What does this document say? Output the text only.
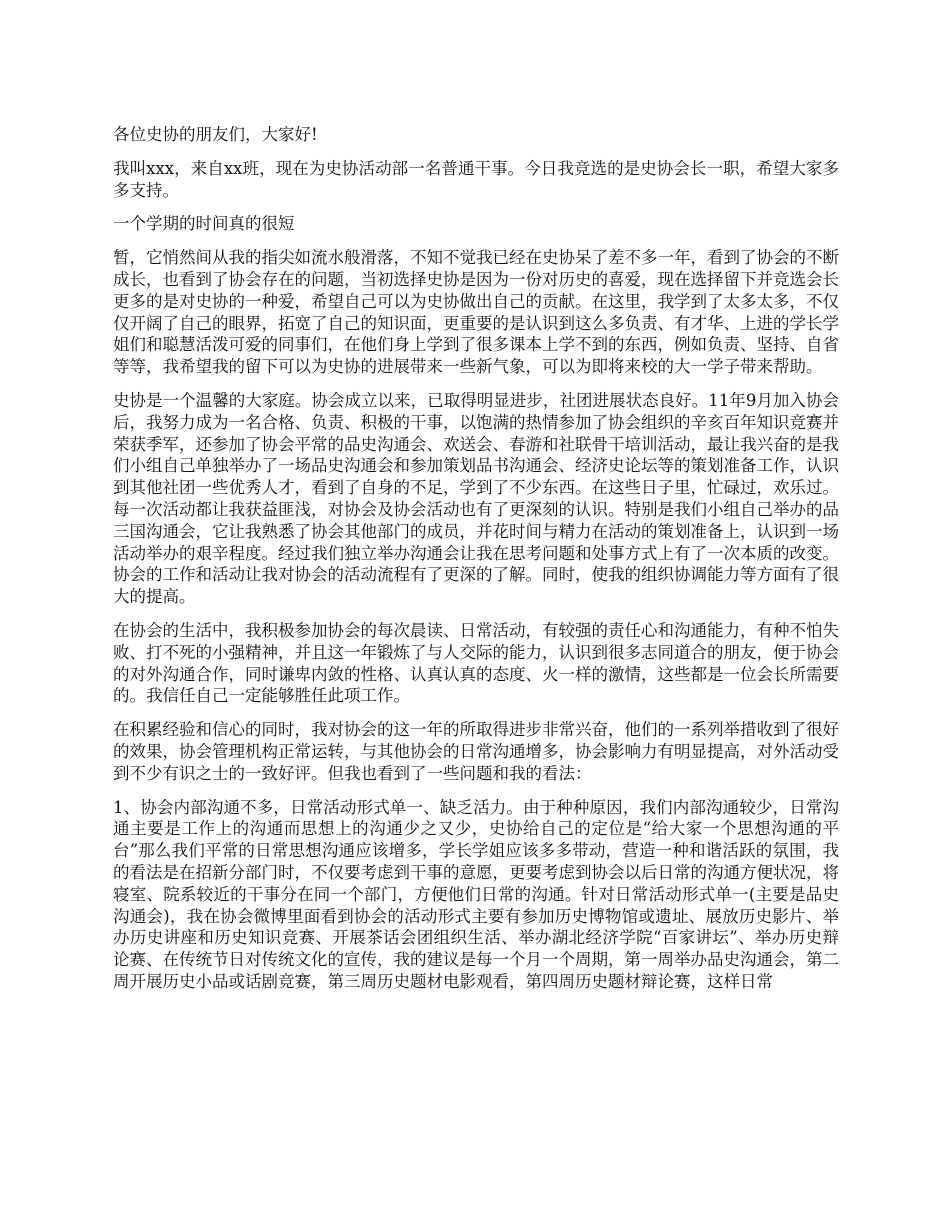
各位史协的朋友们，大家好!

我叫xxx，来自xx班，现在为史协活动部一名普通干事。今日我竞选的是史协会长一职，希望大家多多支持。

一个学期的时间真的很短

暂，它悄然间从我的指尖如流水般滑落，不知不觉我已经在史协呆了差不多一年，看到了协会的不断成长，也看到了协会存在的问题，当初选择史协是因为一份对历史的喜爱，现在选择留下并竞选会长更多的是对史协的一种爱，希望自己可以为史协做出自己的贡献。在这里，我学到了太多太多，不仅仅开阔了自己的眼界，拓宽了自己的知识面，更重要的是认识到这么多负责、有才华、上进的学长学姐们和聪慧活泼可爱的同事们，在他们身上学到了很多课本上学不到的东西，例如负责、坚持、自省等等，我希望我的留下可以为史协的进展带来一些新气象，可以为即将来校的大一学子带来帮助。

史协是一个温馨的大家庭。协会成立以来，已取得明显进步，社团进展状态良好。11年9月加入协会后，我努力成为一名合格、负责、积极的干事，以饱满的热情参加了协会组织的辛亥百年知识竞赛并荣获季军，还参加了协会平常的品史沟通会、欢送会、春游和社联骨干培训活动，最让我兴奋的是我们小组自己单独举办了一场品史沟通会和参加策划品书沟通会、经济史论坛等的策划准备工作，认识到其他社团一些优秀人才，看到了自身的不足，学到了不少东西。在这些日子里，忙碌过，欢乐过。每一次活动都让我获益匪浅，对协会及协会活动也有了更深刻的认识。特别是我们小组自己举办的品三国沟通会，它让我熟悉了协会其他部门的成员，并花时间与精力在活动的策划准备上，认识到一场活动举办的艰辛程度。经过我们独立举办沟通会让我在思考问题和处事方式上有了一次本质的改变。协会的工作和活动让我对协会的活动流程有了更深的了解。同时，使我的组织协调能力等方面有了很大的提高。

在协会的生活中，我积极参加协会的每次晨读、日常活动，有较强的责任心和沟通能力，有种不怕失败、打不死的小强精神，并且这一年锻炼了与人交际的能力，认识到很多志同道合的朋友，便于协会的对外沟通合作，同时谦卑内敛的性格、认真认真的态度、火一样的激情，这些都是一位会长所需要的。我信任自己一定能够胜任此项工作。

在积累经验和信心的同时，我对协会的这一年的所取得进步非常兴奋，他们的一系列举措收到了很好的效果，协会管理机构正常运转，与其他协会的日常沟通增多，协会影响力有明显提高，对外活动受到不少有识之士的一致好评。但我也看到了一些问题和我的看法：

1、协会内部沟通不多，日常活动形式单一、缺乏活力。由于种种原因，我们内部沟通较少，日常沟通主要是工作上的沟通而思想上的沟通少之又少，史协给自己的定位是“给大家一个思想沟通的平台”那么我们平常的日常思想沟通应该增多，学长学姐应该多多带动，营造一种和谐活跃的氛围，我的看法是在招新分部门时，不仅要考虑到干事的意愿，更要考虑到协会以后日常的沟通方便状况，将寝室、院系较近的干事分在同一个部门，方便他们日常的沟通。针对日常活动形式单一(主要是品史沟通会)，我在协会微博里面看到协会的活动形式主要有参加历史博物馆或遗址、展放历史影片、举办历史讲座和历史知识竞赛、开展茶话会团组织生活、举办湖北经济学院“百家讲坛”、举办历史辩论赛、在传统节日对传统文化的宣传，我的建议是每一个月一个周期，第一周举办品史沟通会，第二周开展历史小品或话剧竞赛，第三周历史题材电影观看，第四周历史题材辩论赛，这样日常
